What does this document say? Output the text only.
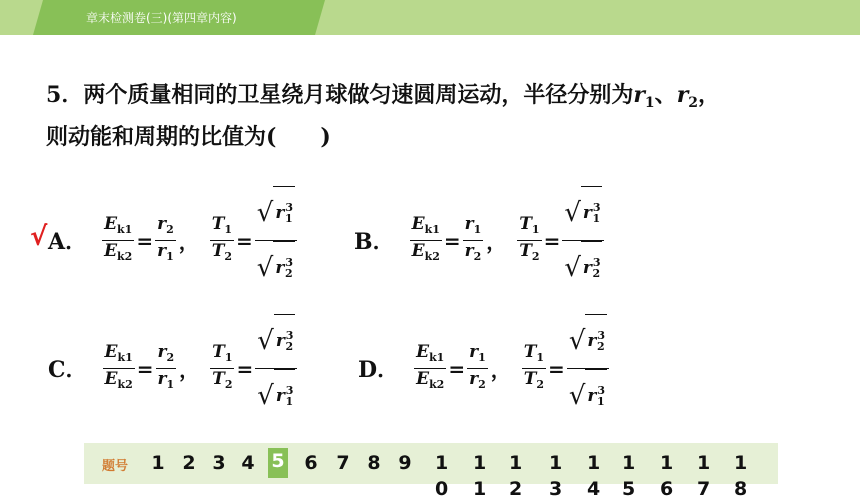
章末检测卷(三)(第四章内容)
5．两个质量相同的卫星绕月球做匀速圆周运动，半径分别为$r_1$、$r_2$，
则动能和周期的比值为(　　)
√ A． $\frac{E_{k1}}{E_{k2}} = \frac{r_2}{r_1}$ ， $\frac{T_1}{T_2} = \frac{√ r^3_1}{√ r^3_2}$	B． $\frac{E_{k1}}{E_{k2}} = \frac{r_1}{r_2}$ ， $\frac{T_1}{T_2} = \frac{√ r^3_1}{√ r^3_2}$
C． $\frac{E_{k1}}{E_{k2}} = \frac{r_2}{r_1}$ ， $\frac{T_1}{T_2} = \frac{√ r^3_2}{√ r^3_1}$	D． $\frac{E_{k1}}{E_{k2}} = \frac{r_1}{r_2}$ ， $\frac{T_1}{T_2} = \frac{√ r^3_2}{√ r^3_1}$
题号 1 2 3 4 5 6 7 8 9 10
11
12
13
14
15
16
17
18
